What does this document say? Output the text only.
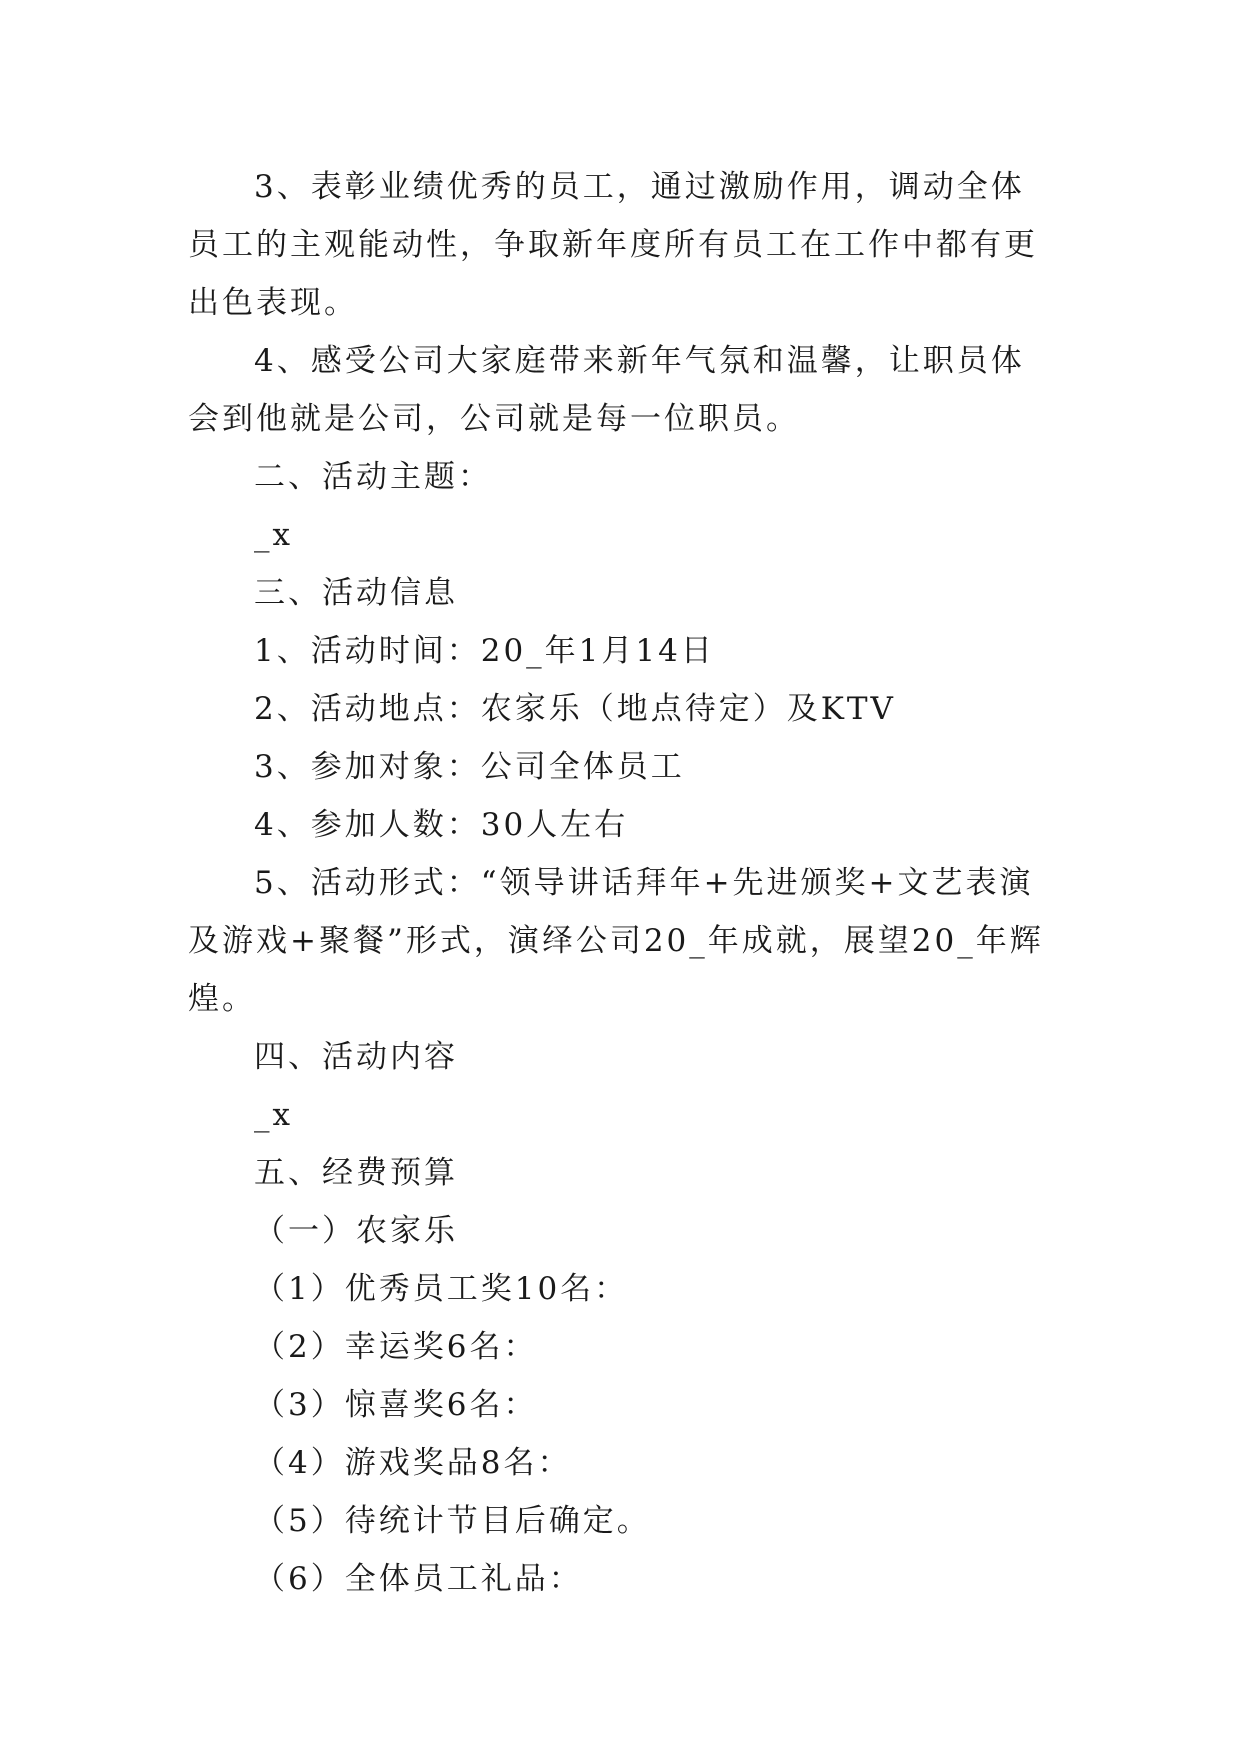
3、表彰业绩优秀的员工，通过激励作用，调动全体员工的主观能动性，争取新年度所有员工在工作中都有更出色表现。

4、感受公司大家庭带来新年气氛和温馨，让职员体会到他就是公司，公司就是每一位职员。

二、活动主题：

_x

三、活动信息

1、活动时间：20_年1月14日

2、活动地点：农家乐（地点待定）及KTV

3、参加对象：公司全体员工

4、参加人数：30人左右

5、活动形式：“领导讲话拜年+先进颁奖+文艺表演及游戏+聚餐”形式，演绎公司20_年成就，展望20_年辉煌。

四、活动内容

_x

五、经费预算

（一）农家乐

（1）优秀员工奖10名：

（2）幸运奖6名：

（3）惊喜奖6名：

（4）游戏奖品8名：

（5）待统计节目后确定。

（6）全体员工礼品：
